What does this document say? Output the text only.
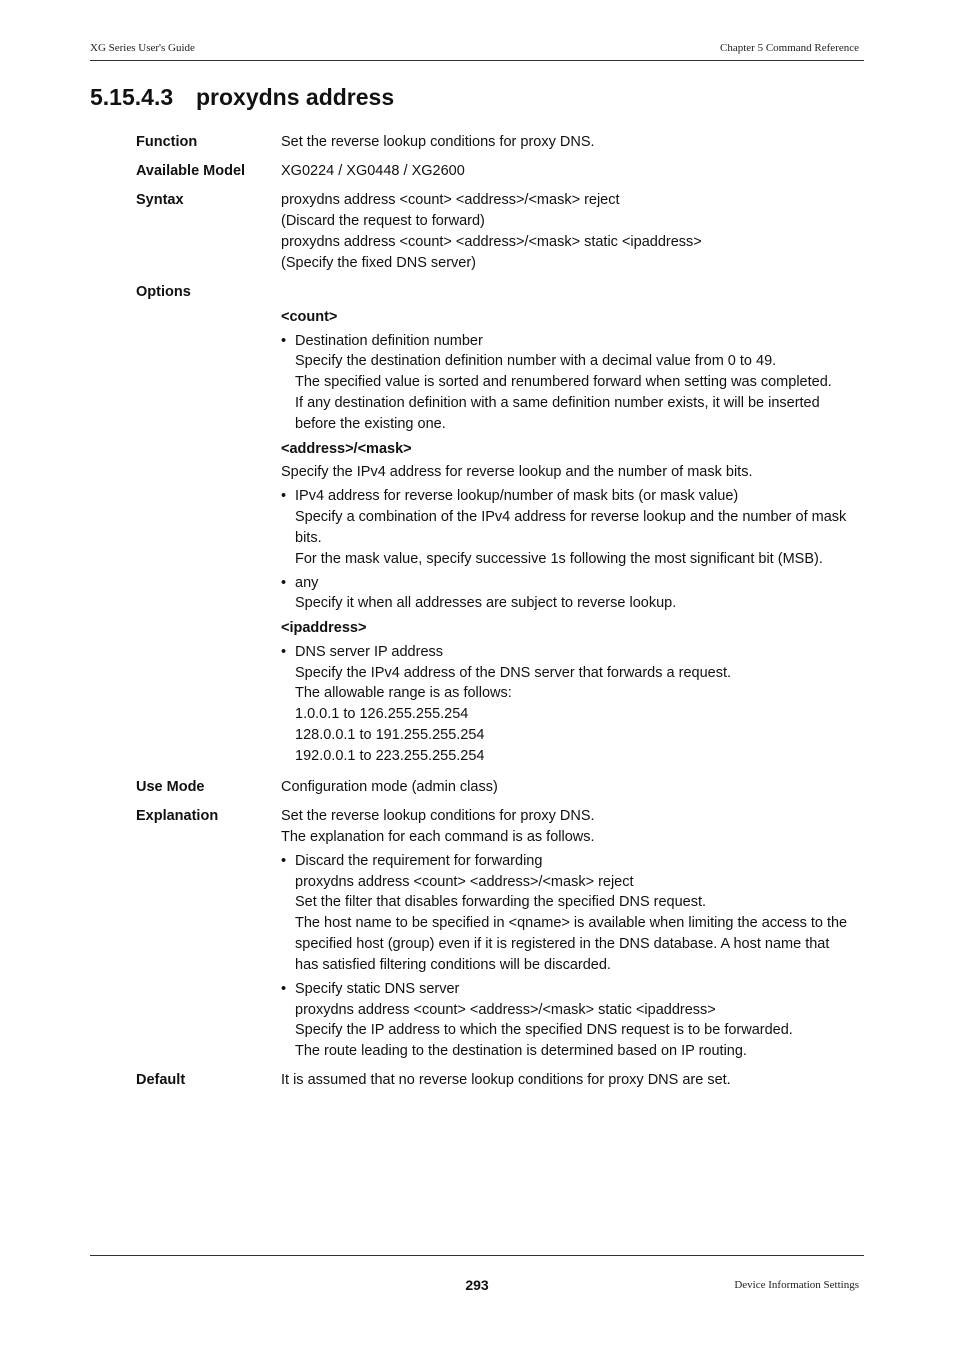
XG Series User's Guide	Chapter 5 Command Reference
5.15.4.3 proxydns address
Function	Set the reverse lookup conditions for proxy DNS.
Available Model	XG0224 / XG0448 / XG2600
Syntax	proxydns address <count> <address>/<mask> reject

(Discard the request to forward)

proxydns address <count> <address>/<mask> static <ipaddress>

(Specify the fixed DNS server)

Options
<count>
• Destination definition number

Specify the destination definition number with a decimal value from 0 to 49.

The specified value is sorted and renumbered forward when setting was completed.

If any destination definition with a same definition number exists, it will be inserted

before the existing one.

<address>/<mask>

Specify the IPv4 address for reverse lookup and the number of mask bits.

• IPv4 address for reverse lookup/number of mask bits (or mask value)

Specify a combination of the IPv4 address for reverse lookup and the number of mask

bits.

For the mask value, specify successive 1s following the most significant bit (MSB).

• any

Specify it when all addresses are subject to reverse lookup.

<ipaddress>
• DNS server IP address

Specify the IPv4 address of the DNS server that forwards a request.

The allowable range is as follows:

1.0.0.1 to 126.255.255.254

128.0.0.1 to 191.255.255.254

192.0.0.1 to 223.255.255.254

Use Mode	Configuration mode (admin class)
Explanation	Set the reverse lookup conditions for proxy DNS.

The explanation for each command is as follows.

• Discard the requirement for forwarding

proxydns address <count> <address>/<mask> reject

Set the filter that disables forwarding the specified DNS request.

The host name to be specified in <qname> is available when limiting the access to the

specified host (group) even if it is registered in the DNS database. A host name that

has satisfied filtering conditions will be discarded.

• Specify static DNS server

proxydns address <count> <address>/<mask> static <ipaddress>

Specify the IP address to which the specified DNS request is to be forwarded.

The route leading to the destination is determined based on IP routing.

Default	It is assumed that no reverse lookup conditions for proxy DNS are set.
293	Device Information Settings
